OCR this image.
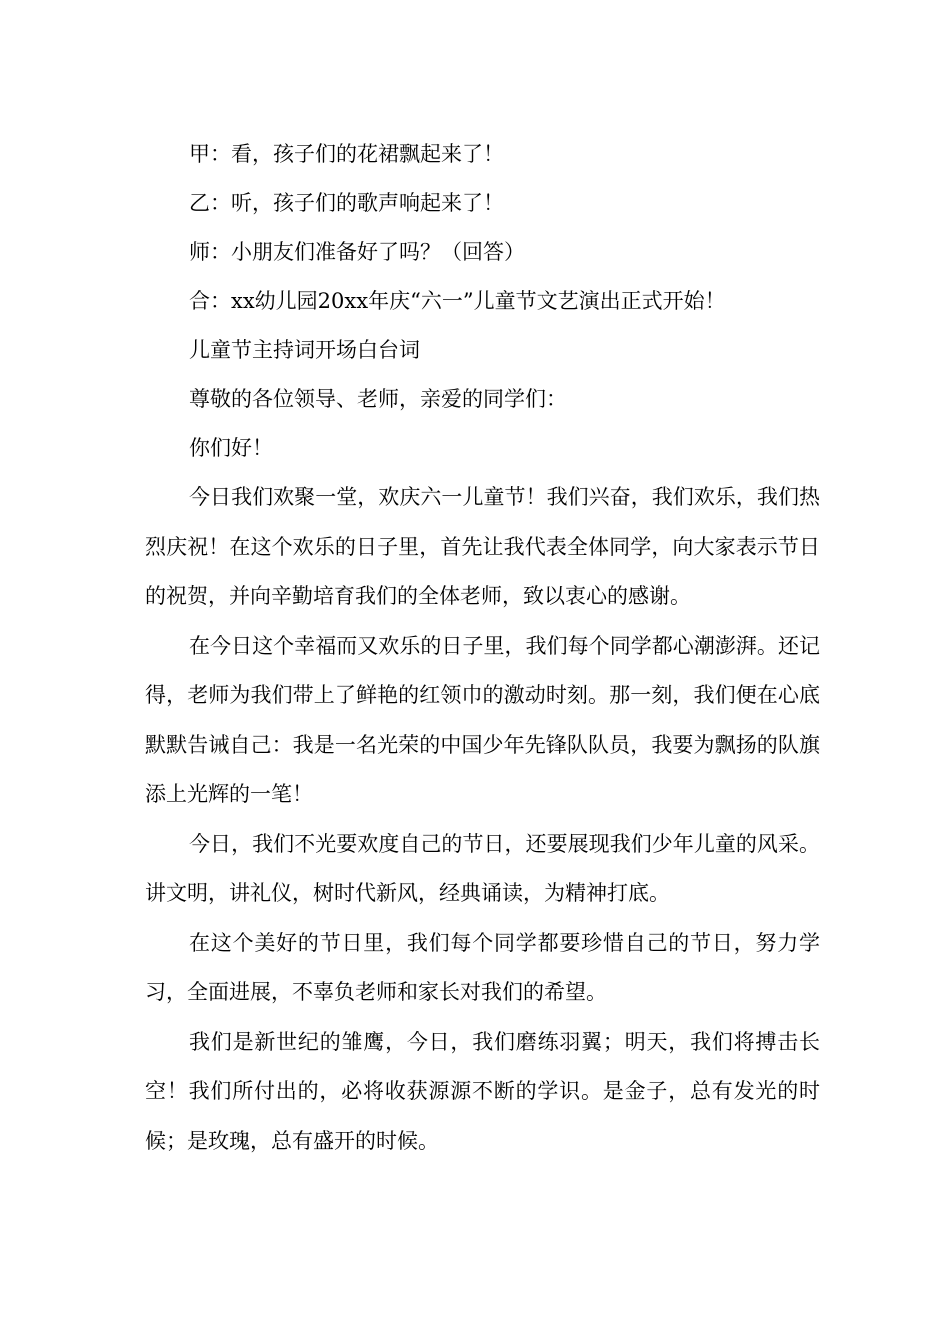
甲：看，孩子们的花裙飘起来了！

乙：听，孩子们的歌声响起来了！

师：小朋友们准备好了吗？（回答）

合：xx幼儿园20xx年庆“六一”儿童节文艺演出正式开始！

儿童节主持词开场白台词

尊敬的各位领导、老师，亲爱的同学们：

你们好！

今日我们欢聚一堂，欢庆六一儿童节！我们兴奋，我们欢乐，我们热烈庆祝！在这个欢乐的日子里，首先让我代表全体同学，向大家表示节日的祝贺，并向辛勤培育我们的全体老师，致以衷心的感谢。

在今日这个幸福而又欢乐的日子里，我们每个同学都心潮澎湃。还记得，老师为我们带上了鲜艳的红领巾的激动时刻。那一刻，我们便在心底默默告诫自己：我是一名光荣的中国少年先锋队队员，我要为飘扬的队旗添上光辉的一笔！

今日，我们不光要欢度自己的节日，还要展现我们少年儿童的风采。讲文明，讲礼仪，树时代新风，经典诵读，为精神打底。

在这个美好的节日里，我们每个同学都要珍惜自己的节日，努力学习，全面进展，不辜负老师和家长对我们的希望。

我们是新世纪的雏鹰，今日，我们磨练羽翼；明天，我们将搏击长空！我们所付出的，必将收获源源不断的学识。是金子，总有发光的时候；是玫瑰，总有盛开的时候。
